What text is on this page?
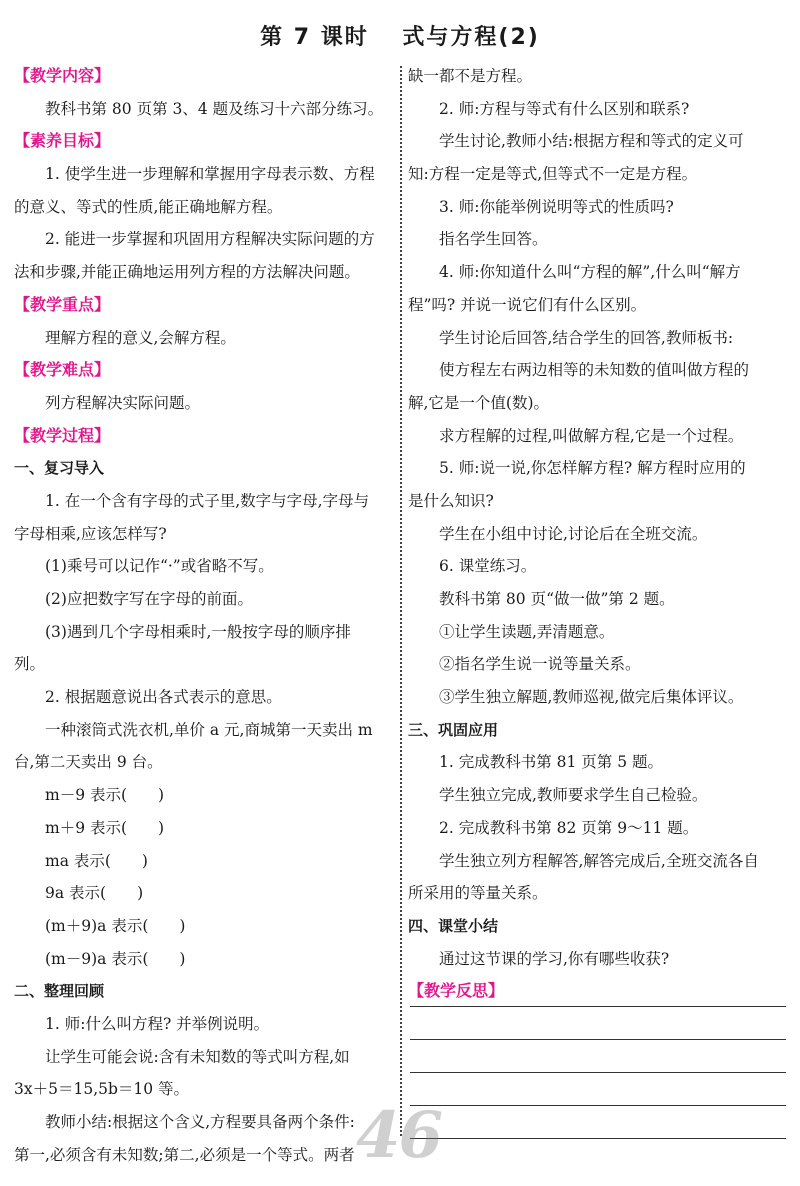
第 7 课时　 式与方程(2)
【教学内容】
教科书第 80 页第 3、4 题及练习十六部分练习。
【素养目标】
1. 使学生进一步理解和掌握用字母表示数、方程
的意义、等式的性质,能正确地解方程。
2. 能进一步掌握和巩固用方程解决实际问题的方
法和步骤,并能正确地运用列方程的方法解决问题。
【教学重点】
理解方程的意义,会解方程。
【教学难点】
列方程解决实际问题。
【教学过程】
一、复习导入
1. 在一个含有字母的式子里,数字与字母,字母与
字母相乘,应该怎样写?
(1)乘号可以记作“·”或省略不写。
(2)应把数字写在字母的前面。
(3)遇到几个字母相乘时,一般按字母的顺序排
列。
2. 根据题意说出各式表示的意思。
一种滚筒式洗衣机,单价 a 元,商城第一天卖出 m
台,第二天卖出 9 台。
m－9 表示(　　)
m＋9 表示(　　)
ma 表示(　　)
9a 表示(　　)
(m＋9)a 表示(　　)
(m－9)a 表示(　　)
二、整理回顾
1. 师:什么叫方程? 并举例说明。
让学生可能会说:含有未知数的等式叫方程,如
3x＋5＝15,5b＝10 等。
教师小结:根据这个含义,方程要具备两个条件:
第一,必须含有未知数;第二,必须是一个等式。两者
缺一都不是方程。
2. 师:方程与等式有什么区别和联系?
学生讨论,教师小结:根据方程和等式的定义可
知:方程一定是等式,但等式不一定是方程。
3. 师:你能举例说明等式的性质吗?
指名学生回答。
4. 师:你知道什么叫“方程的解”,什么叫“解方
程”吗? 并说一说它们有什么区别。
学生讨论后回答,结合学生的回答,教师板书:
使方程左右两边相等的未知数的值叫做方程的
解,它是一个值(数)。
求方程解的过程,叫做解方程,它是一个过程。
5. 师:说一说,你怎样解方程? 解方程时应用的
是什么知识?
学生在小组中讨论,讨论后在全班交流。
6. 课堂练习。
教科书第 80 页“做一做”第 2 题。
①让学生读题,弄清题意。
②指名学生说一说等量关系。
③学生独立解题,教师巡视,做完后集体评议。
三、巩固应用
1. 完成教科书第 81 页第 5 题。
学生独立完成,教师要求学生自己检验。
2. 完成教科书第 82 页第 9～11 题。
学生独立列方程解答,解答完成后,全班交流各自
所采用的等量关系。
四、课堂小结
通过这节课的学习,你有哪些收获?
【教学反思】
46
